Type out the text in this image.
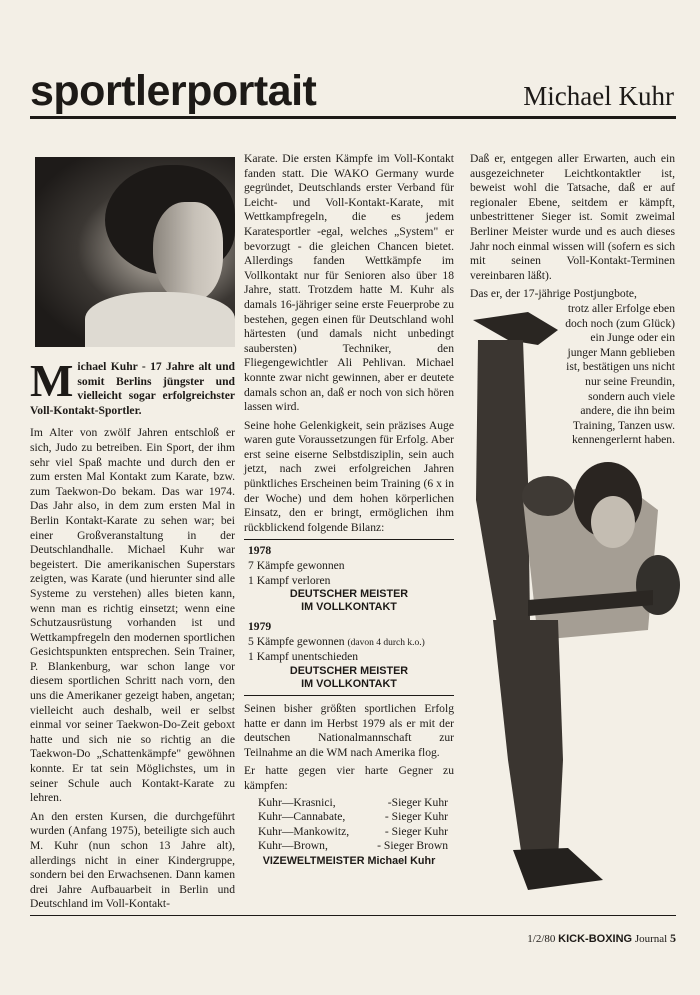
sportlerportait	Michael Kuhr

Michael Kuhr - 17 Jahre alt und somit Berlins jüngster und vielleicht sogar erfolgreichster Voll-Kontakt-Sportler.

Im Alter von zwölf Jahren entschloß er sich, Judo zu betreiben. Ein Sport, der ihm sehr viel Spaß machte und durch den er zum ersten Mal Kontakt zum Karate, bzw. zum Taekwon-Do bekam. Das war 1974. Das Jahr also, in dem zum ersten Mal in Berlin Kontakt-Karate zu sehen war; bei einer Großveranstaltung in der Deutschlandhalle. Michael Kuhr war begeistert. Die amerikanischen Superstars zeigten, was Karate (und hierunter sind alle Systeme zu verstehen) alles bieten kann, wenn man es richtig einsetzt; wenn eine Schutzausrüstung vorhanden ist und Wettkampfregeln den modernen sportlichen Gesichtspunkten entsprechen. Sein Trainer, P. Blankenburg, war schon lange vor diesem sportlichen Schritt nach vorn, den uns die Amerikaner gezeigt haben, angetan; vielleicht auch deshalb, weil er selbst einmal vor seiner Taekwon-Do-Zeit geboxt hatte und sich nie so richtig an die Taekwon-Do „Schattenkämpfe" gewöhnen konnte. Er tat sein Möglichstes, um in seiner Schule auch Kontakt-Karate zu lehren.

An den ersten Kursen, die durchgeführt wurden (Anfang 1975), beteiligte sich auch M. Kuhr (nun schon 13 Jahre alt), allerdings nicht in einer Kindergruppe, sondern bei den Erwachsenen. Dann kamen drei Jahre Aufbauarbeit in Berlin und Deutschland im Voll-Kontakt-

Karate. Die ersten Kämpfe im Voll-Kontakt fanden statt. Die WAKO Germany wurde gegründet, Deutschlands erster Verband für Leicht- und Voll-Kontakt-Karate, mit Wettkampfregeln, die es jedem Karatesportler -egal, welches „System" er bevorzugt - die gleichen Chancen bietet. Allerdings fanden Wettkämpfe im Vollkontakt nur für Senioren also über 18 Jahre, statt. Trotzdem hatte M. Kuhr als damals 16-jähriger seine erste Feuerprobe zu bestehen, gegen einen für Deutschland wohl härtesten (und damals nicht unbedingt saubersten) Techniker, den Fliegengewichtler Ali Pehlivan. Michael konnte zwar nicht gewinnen, aber er deutete damals schon an, daß er noch von sich hören lassen wird.

Seine hohe Gelenkigkeit, sein präzises Auge waren gute Voraussetzungen für Erfolg. Aber erst seine eiserne Selbstdisziplin, sein auch jetzt, nach zwei erfolgreichen Jahren pünktliches Erscheinen beim Training (6 x in der Woche) und dem hohen körperlichen Einsatz, den er bringt, ermöglichen ihm rückblickend folgende Bilanz:

1978
7 Kämpfe gewonnen
1 Kampf verloren
DEUTSCHER MEISTER
IM VOLLKONTAKT
1979
5 Kämpfe gewonnen (davon 4 durch k.o.)
1 Kampf unentschieden
DEUTSCHER MEISTER
IM VOLLKONTAKT

Seinen bisher größten sportlichen Erfolg hatte er dann im Herbst 1979 als er mit der deutschen Nationalmannschaft zur Teilnahme an die WM nach Amerika flog.

Er hatte gegen vier harte Gegner zu kämpfen:

Kuhr—Krasnici,	-Sieger Kuhr
Kuhr—Cannabate,	- Sieger Kuhr
Kuhr—Mankowitz,	- Sieger Kuhr
Kuhr—Brown,	- Sieger Brown
VIZEWELTMEISTER Michael Kuhr

Daß er, entgegen aller Erwarten, auch ein ausgezeichneter Leichtkontaktler ist, beweist wohl die Tatsache, daß er auf regionaler Ebene, seitdem er kämpft, unbestrittener Sieger ist. Somit zweimal Berliner Meister wurde und es auch dieses Jahr noch einmal wissen will (sofern es sich mit seinen Voll-Kontakt-Terminen vereinbaren läßt).

Das er, der 17-jährige Postjungbote,

trotz aller Erfolge eben doch noch (zum Glück) ein Junge oder ein junger Mann geblieben ist, bestätigen uns nicht nur seine Freundin, sondern auch viele andere, die ihn beim Training, Tanzen usw. kennengerlernt haben.

1/2/80 KICK-BOXING Journal 5
